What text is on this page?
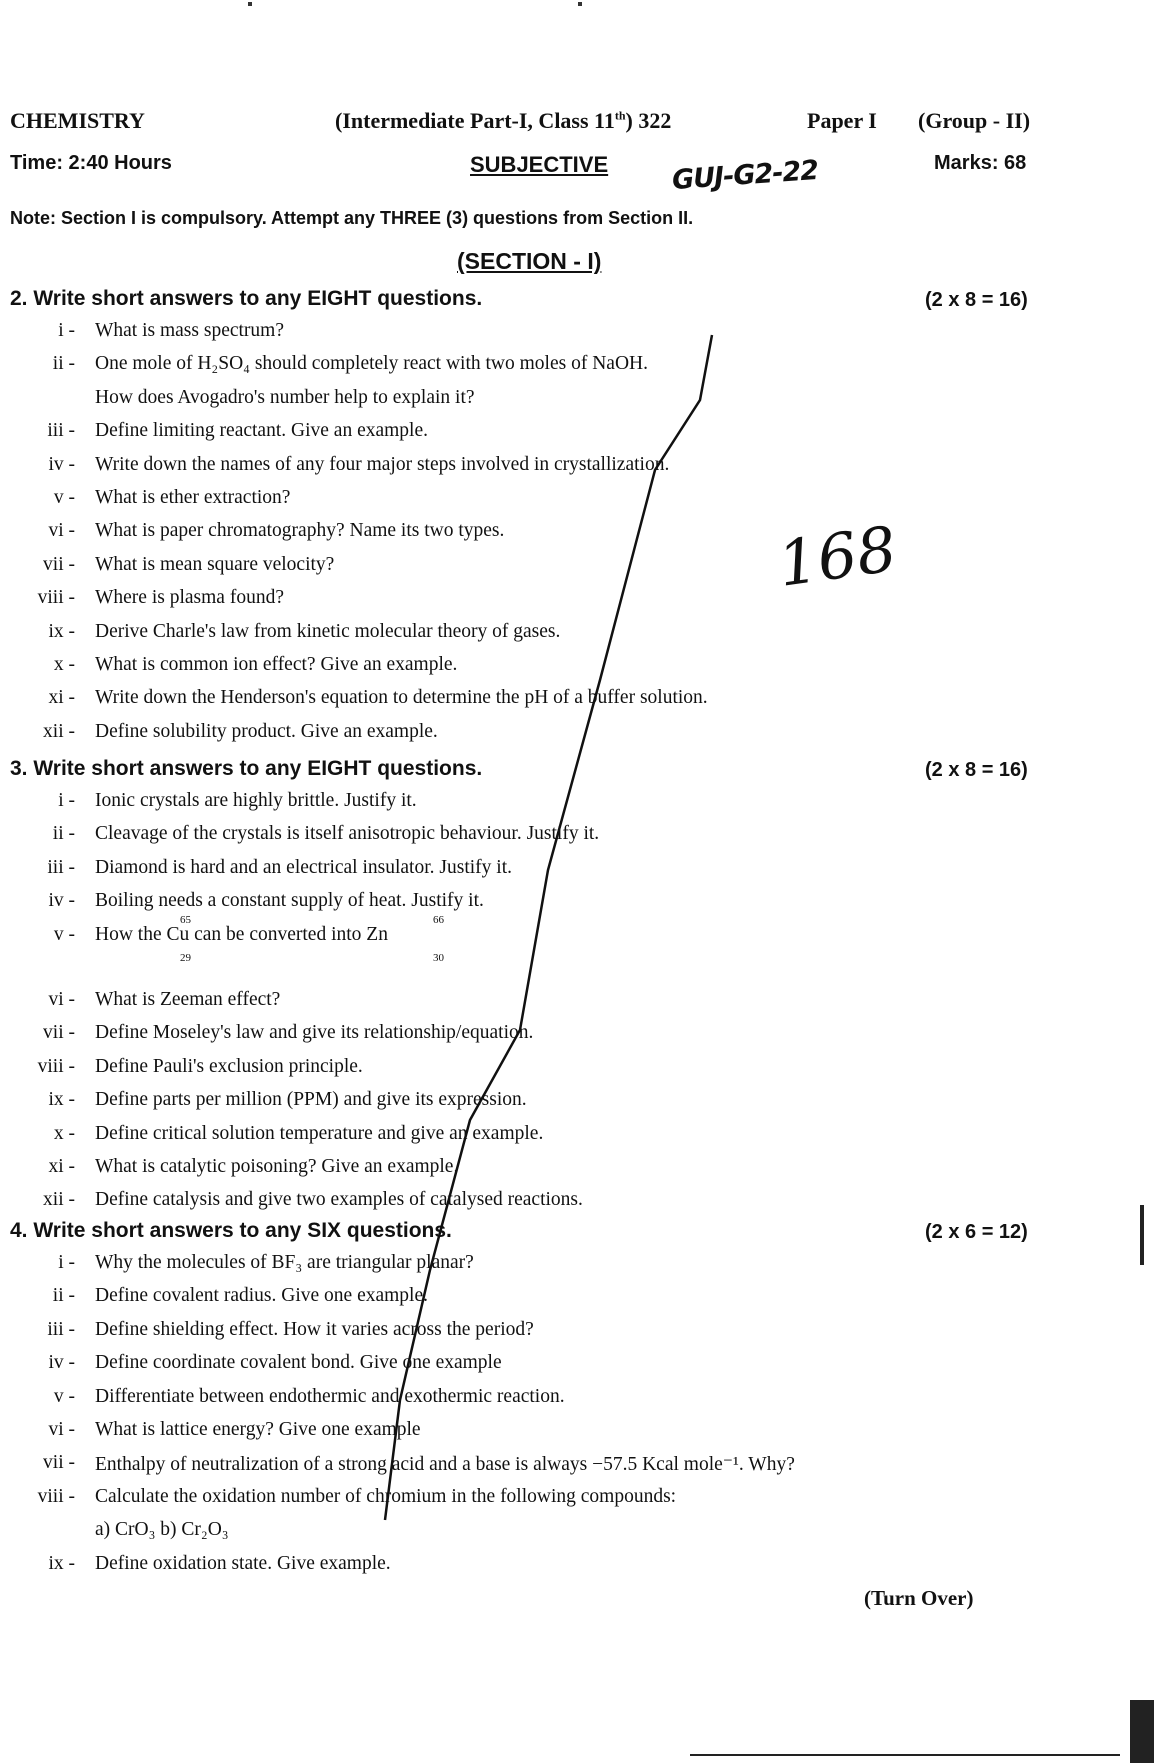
CHEMISTRY	(Intermediate Part-I, Class 11th) 322	Paper I (Group - II)
Time: 2:40 Hours	SUBJECTIVE	Marks: 68
GUJ-G2-22
Note: Section I is compulsory. Attempt any THREE (3) questions from Section II.
(SECTION - I)
2. Write short answers to any EIGHT questions.	(2 x 8 = 16)
i - What is mass spectrum?
ii - One mole of H₂SO₄ should completely react with two moles of NaOH.
How does Avogadro's number help to explain it?
iii - Define limiting reactant. Give an example.
iv - Write down the names of any four major steps involved in crystallization.
v - What is ether extraction?
vi - What is paper chromatography? Name its two types.
vii - What is mean square velocity?
viii - Where is plasma found?
ix - Derive Charle's law from kinetic molecular theory of gases.
x - What is common ion effect? Give an example.
xi - Write down the Henderson's equation to determine the pH of a buffer solution.
xii - Define solubility product. Give an example.
3. Write short answers to any EIGHT questions.	(2 x 8 = 16)
i - Ionic crystals are highly brittle. Justify it.
ii - Cleavage of the crystals is itself anisotropic behaviour. Justify it.
iii - Diamond is hard and an electrical insulator. Justify it.
iv - Boiling needs a constant supply of heat. Justify it.
v - How the Cu can be converted into Zn
65
29
66
30
vi - What is Zeeman effect?
vii - Define Moseley's law and give its relationship/equation.
viii - Define Pauli's exclusion principle.
ix - Define parts per million (PPM) and give its expression.
x - Define critical solution temperature and give an example.
xi - What is catalytic poisoning? Give an example.
xii - Define catalysis and give two examples of catalysed reactions.
4. Write short answers to any SIX questions.	(2 x 6 = 12)
i - Why the molecules of BF₃ are triangular planar?
ii - Define covalent radius. Give one example.
iii - Define shielding effect. How it varies across the period?
iv - Define coordinate covalent bond. Give one example
v - Differentiate between endothermic and exothermic reaction.
vi - What is lattice energy? Give one example
vii - Enthalpy of neutralization of a strong acid and a base is always −57.5 Kcal mole⁻¹. Why?
viii - Calculate the oxidation number of chromium in the following compounds:
a) CrO₃ b) Cr₂O₃
ix - Define oxidation state. Give example.
(Turn Over)
168
